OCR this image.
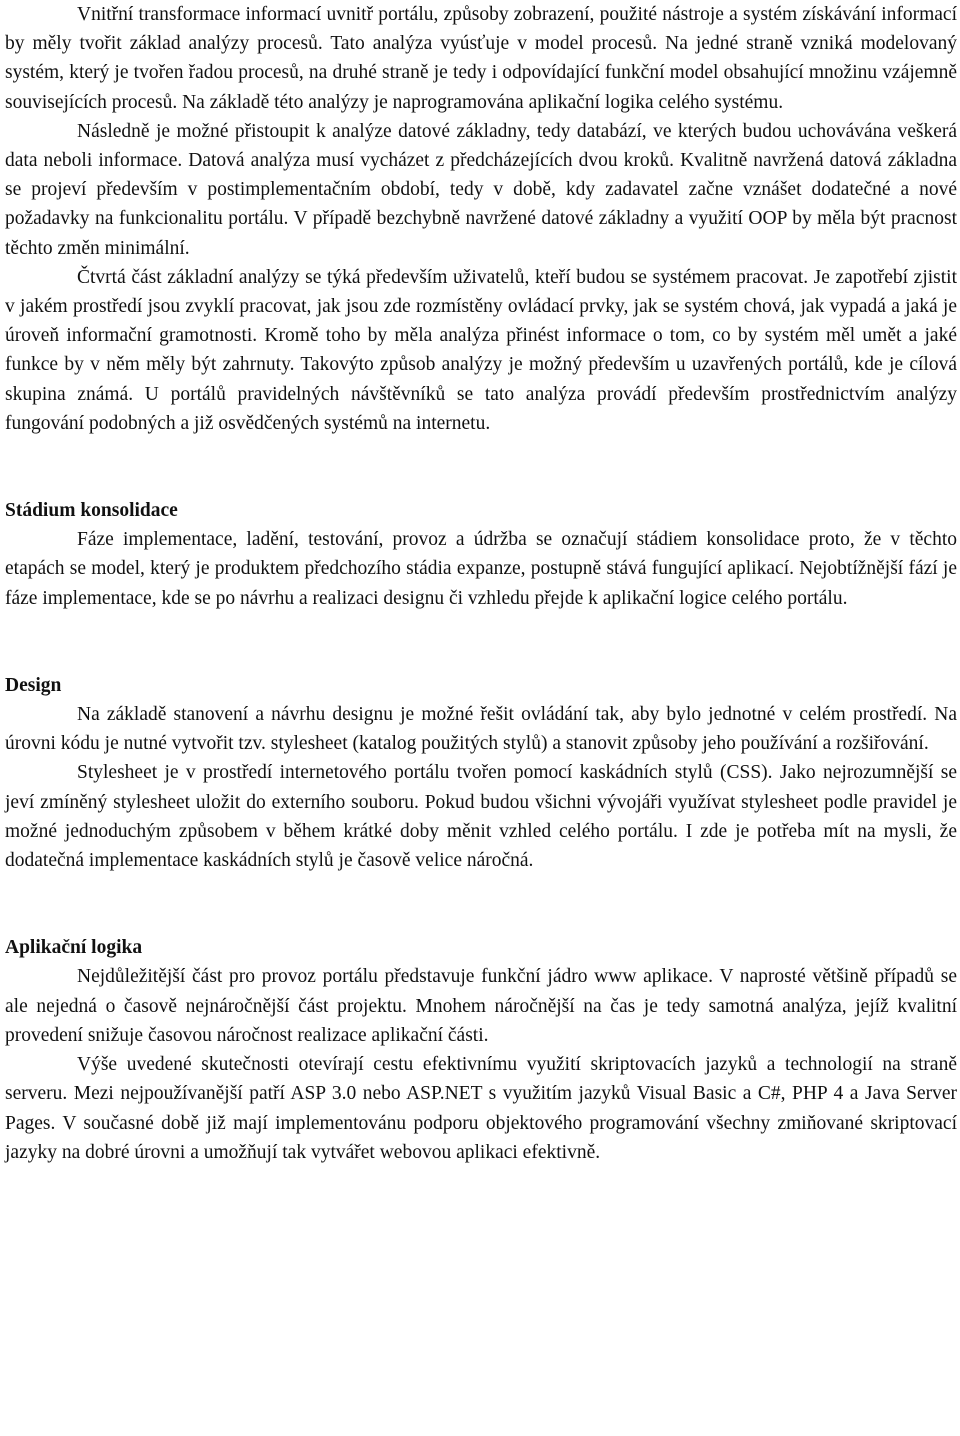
Vnitřní transformace informací uvnitř portálu, způsoby zobrazení, použité nástroje a systém získávání informací by měly tvořit základ analýzy procesů. Tato analýza vyúsťuje v model procesů. Na jedné straně vzniká modelovaný systém, který je tvořen řadou procesů, na druhé straně je tedy i odpovídající funkční model obsahující množinu vzájemně souvisejících procesů. Na základě této analýzy je naprogramována aplikační logika celého systému.

Následně je možné přistoupit k analýze datové základny, tedy databází, ve kterých budou uchovávána veškerá data neboli informace. Datová analýza musí vycházet z předcházejících dvou kroků. Kvalitně navržená datová základna se projeví především v postimplementačním období, tedy v době, kdy zadavatel začne vznášet dodatečné a nové požadavky na funkcionalitu portálu. V případě bezchybně navržené datové základny a využití OOP by měla být pracnost těchto změn minimální.

Čtvrtá část základní analýzy se týká především uživatelů, kteří budou se systémem pracovat. Je zapotřebí zjistit v jakém prostředí jsou zvyklí pracovat, jak jsou zde rozmístěny ovládací prvky, jak se systém chová, jak vypadá a jaká je úroveň informační gramotnosti. Kromě toho by měla analýza přinést informace o tom, co by systém měl umět a jaké funkce by v něm měly být zahrnuty. Takovýto způsob analýzy je možný především u uzavřených portálů, kde je cílová skupina známá. U portálů pravidelných návštěvníků se tato analýza provádí především prostřednictvím analýzy fungování podobných a již osvědčených systémů na internetu.

Stádium konsolidace

Fáze implementace, ladění, testování, provoz a údržba se označují stádiem konsolidace proto, že v těchto etapách se model, který je produktem předchozího stádia expanze, postupně stává fungující aplikací. Nejobtížnější fází je fáze implementace, kde se po návrhu a realizaci designu či vzhledu přejde k aplikační logice celého portálu.

Design

Na základě stanovení a návrhu designu je možné řešit ovládání tak, aby bylo jednotné v celém prostředí. Na úrovni kódu je nutné vytvořit tzv. stylesheet (katalog použitých stylů) a stanovit způsoby jeho používání a rozšiřování.

Stylesheet je v prostředí internetového portálu tvořen pomocí kaskádních stylů (CSS). Jako nejrozumnější se jeví zmíněný stylesheet uložit do externího souboru. Pokud budou všichni vývojáři využívat stylesheet podle pravidel je možné jednoduchým způsobem v během krátké doby měnit vzhled celého portálu. I zde je potřeba mít na mysli, že dodatečná implementace kaskádních stylů je časově velice náročná.

Aplikační logika

Nejdůležitější část pro provoz portálu představuje funkční jádro www aplikace. V naprosté většině případů se ale nejedná o časově nejnáročnější část projektu. Mnohem náročnější na čas je tedy samotná analýza, jejíž kvalitní provedení snižuje časovou náročnost realizace aplikační části.

Výše uvedené skutečnosti otevírají cestu efektivnímu využití skriptovacích jazyků a technologií na straně serveru. Mezi nejpoužívanější patří ASP 3.0 nebo ASP.NET s využitím jazyků Visual Basic a C#, PHP 4 a Java Server Pages. V současné době již mají implementovánu podporu objektového programování všechny zmiňované skriptovací jazyky na dobré úrovni a umožňují tak vytvářet webovou aplikaci efektivně.
